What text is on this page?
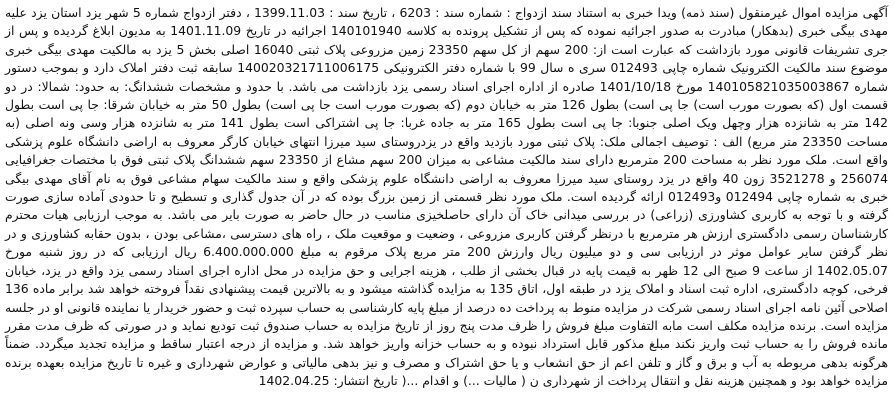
آگهی مزایده اموال غیرمنقول (سند ذمه) ویدا خبری به استناد سند ازدواج : شماره سند : 6203 ، تاریخ سند : 1399.11.03 ، دفتر ازدواج شماره 5 شهر یزد استان یزد علیه مهدی بیگی خبری (بدهکار) مبادرت به صدور اجرائیه نموده که پس از تشکیل پرونده به کلاسه 140101940 اجرائیه در تاریخ 1401.11.09 به مدیون ابلاغ گردیده و پس از جری تشریفات قانونی مورد بازداشت که عبارت است از: 200 سهم از کل سهم 23350 زمین مزروعی پلاک ثبتی 16040 اصلی بخش 5 یزد به مالکیت مهدی بیگی خبری موضوع سند مالکیت الکترونیک شماره چاپی 012493 سری ه سال 99 با شماره دفتر الکترونیکی 140020321711006175 سابقه ثبت دفتر املاک دارد و بموجب دستور شماره 140105821035003867 مورخ 1401/10/18 صادره از اداره اجرای اسناد رسمی یزد بازداشت می باشد. با حدود و مشخصات ششدانگ: به حدود: شمالا: در دو قسمت اول (که بصورت مورب است) جا پی است) بطول 126 متر به خیابان دوم (که بصورت مورب است جا پی است) بطول 50 متر به خیابان شرقا: جا پی است بطول 142 متر به شانزده هزار وچهل ویک اصلی جنوبا: جا پی است بطول 165 متر به جاده غربا: جا پی اشتراکی است بطول 141 متر به شانزده هزار وسی ونه اصلی (به مساحت 23350 متر مربع) الف : توصیف اجمالی ملک: پلاک ثبتی مورد بازدید واقع در یزدروستای سید میرزا انتهای خیابان کارگر معروف به اراضی دانشگاه علوم پزشکی واقع است. ملک مورد نظر به مساحت 200 مترمربع دارای سند مالکیت مشاعی به میزان 200 سهم مشاع از 23350 سهم ششدانگ پلاک ثبتی فوق با مختصات جغرافیایی 256074 و 3521278 زون 40 واقع در یزد روستای سید میرزا معروف به اراضی دانشگاه علوم پزشکی واقع و سند مالکیت سهام مشاعی فوق به نام آقای مهدی بیگی خبری به شماره چاپی 012494 و012493 ارائه گردیده است. ملک مورد نظر قسمتی از زمین بزرگ بوده که در آن جدول گذاری و تسطیح و تا حدودی آماده سازی صورت گرفته و با توجه به کاربری کشاورزی (زراعی) در بررسی میدانی خاک آن دارای حاصلخیزی مناسب در حال حاضر به صورت بایر می باشد. به موجب ارزیابی هیات محترم کارشناسان رسمی دادگستری ارزش هر مترمربع با درنظر گرفتن کاربری مزروعی ، وضعیت و موقعیت ملک ، راه های دسترسی ،مشاعی بودن ، بدون حقابه کشاورزی و در نظر گرفتن سایر عوامل موثر در ارزیابی سی و دو میلیون ریال وارزش 200 متر مربع پلاک مرقوم به مبلغ 6.400.000.000 ریال ارزیابی که در روز شنبه مورخ 1402.05.07 از ساعت 9 صبح الی 12 ظهر به قیمت پایه در قبال بخشی از طلب ، هزینه اجرایی و حق مزایده در محل اداره اجرای اسناد رسمی یزد واقع در یزد، خیابان فرخی، کوچه دادگستری، اداره ثبت اسناد و املاک یزد در طبقه اول، اتاق 135 به مزایده گذاشته میشود و به بالاترین قیمت پیشنهادی نقداً فروخته خواهد شد برابر ماده 136 اصلاحی آئین نامه اجرای اسناد رسمی شرکت در مزایده منوط به پرداخت ده درصد از مبلغ پایه کارشناسی به حساب سپرده ثبت و حضور خریدار یا نماینده قانونی او در جلسه مزایده است. برنده مزایده مکلف است مابه التفاوت مبلغ فروش را ظرف مدت پنج روز از تاریخ مزایده به حساب صندوق ثبت تودیع نماید و در صورتی که ظرف مدت مقرر مانده فروش را به حساب ثبت واریز نکند مبلغ مذکور قابل استرداد نبوده و به حساب خزانه واریز خواهد شد. و مزایده از درجه اعتبار ساقط و مزایده تجدید میگردد. ضمناً هرگونه بدهی مربوطه به آب و برق و گاز و تلفن اعم از حق انشعاب و یا حق اشتراک و مصرف و نیز بدهی مالیاتی و عوارض شهرداری و غیره تا تاریخ مزایده بعهده برنده مزایده خواهد بود و همچنین هزینه نقل و انتقال پرداخت از شهرداری ن ( مالیات ...) و اقدام ...( تاریخ انتشار: 1402.04.25
